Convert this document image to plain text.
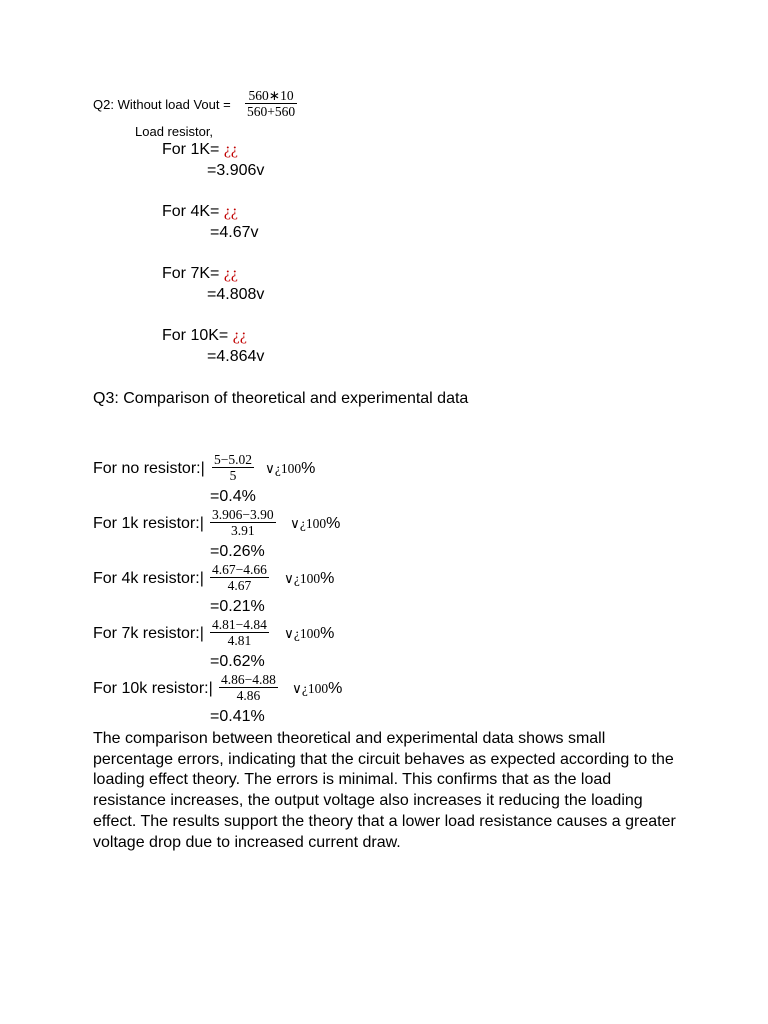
Q2: Without load Vout = $\frac{560∗10}{560+560}$
Load resistor,
For 1K= ¿¿
=3.906v
For 4K= ¿¿
=4.67v
For 7K= ¿¿
=4.808v
For 10K= ¿¿
=4.864v
Q3: Comparison of theoretical and experimental data
For no resistor:| $\frac{5-5.02}{5}$ ∨¿100%
=0.4%
For 1k resistor:| $\frac{3.906-3.90}{3.91}$ ∨¿100%
=0.26%
For 4k resistor:| $\frac{4.67-4.66}{4.67}$ ∨¿100%
=0.21%
For 7k resistor:| $\frac{4.81-4.84}{4.81}$ ∨¿100%
=0.62%
For 10k resistor:| $\frac{4.86-4.88}{4.86}$ ∨¿100%
=0.41%
The comparison between theoretical and experimental data shows small percentage errors, indicating that the circuit behaves as expected according to the loading effect theory. The errors is minimal. This confirms that as the load resistance increases, the output voltage also increases it reducing the loading effect. The results support the theory that a lower load resistance causes a greater voltage drop due to increased current draw.
